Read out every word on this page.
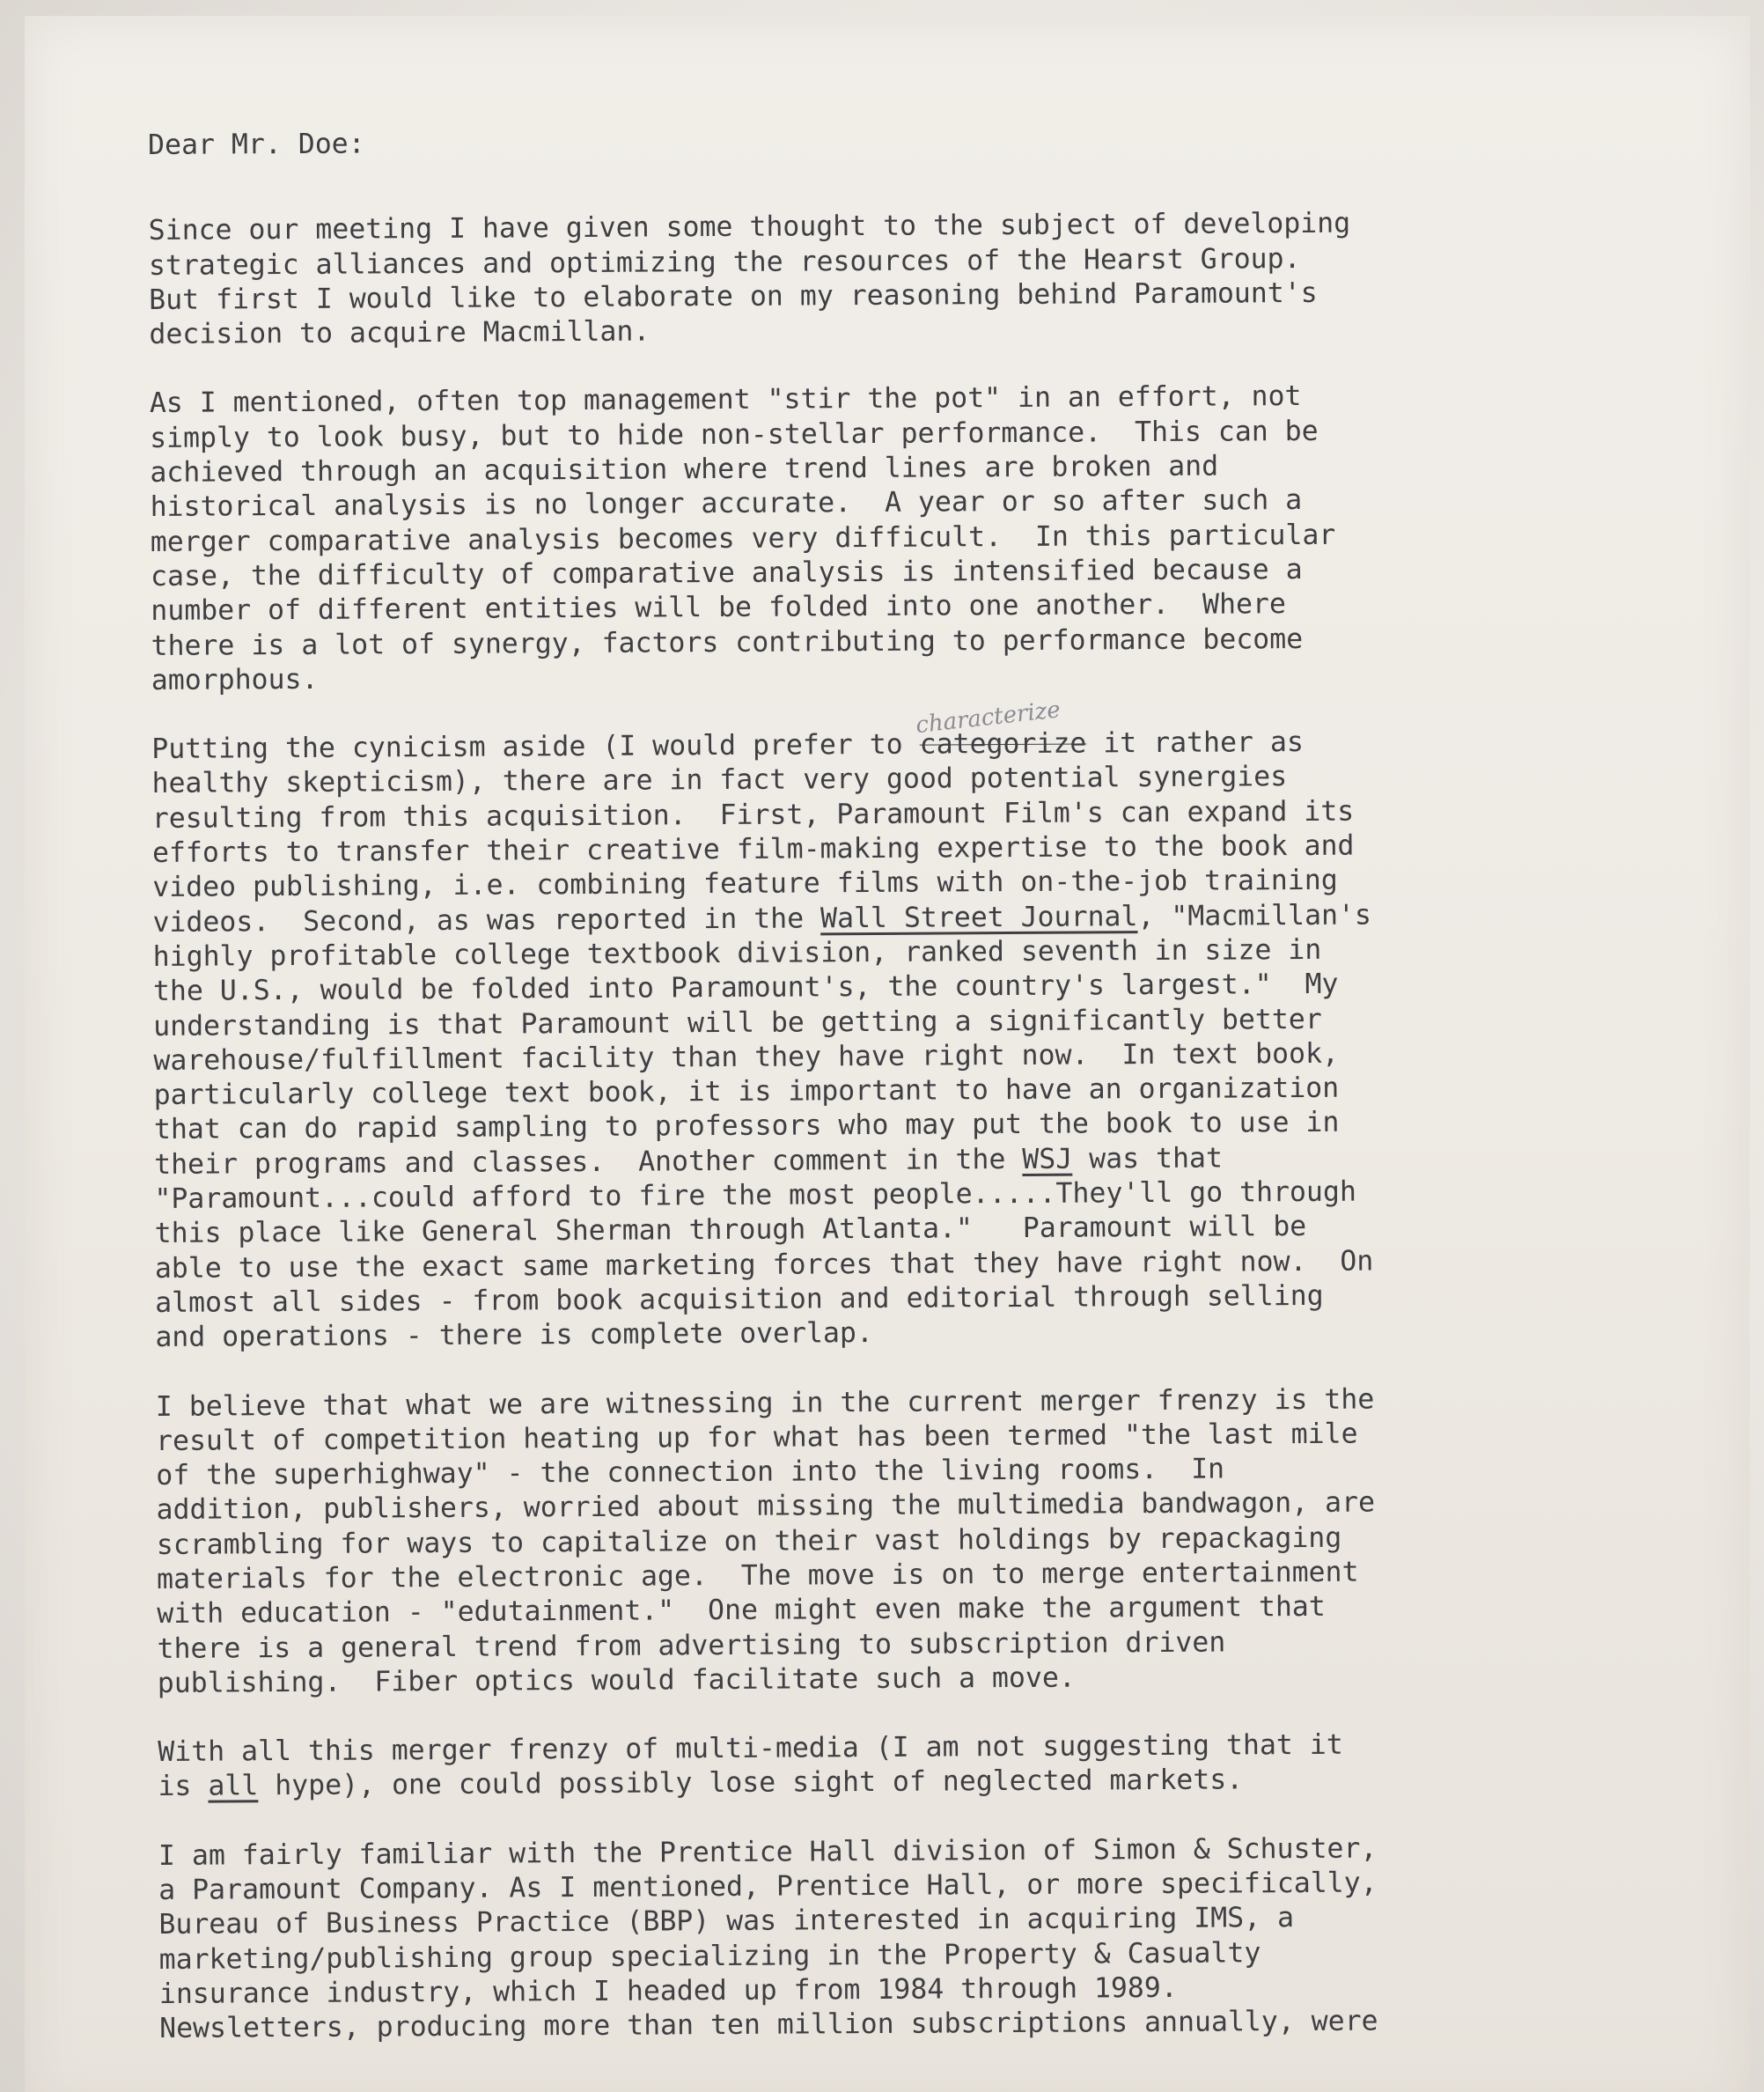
Dear Mr. Doe:
Since our meeting I have given some thought to the subject of developing
strategic alliances and optimizing the resources of the Hearst Group.
But first I would like to elaborate on my reasoning behind Paramount's
decision to acquire Macmillan.
As I mentioned, often top management "stir the pot" in an effort, not
simply to look busy, but to hide non-stellar performance.  This can be
achieved through an acquisition where trend lines are broken and
historical analysis is no longer accurate.  A year or so after such a
merger comparative analysis becomes very difficult.  In this particular
case, the difficulty of comparative analysis is intensified because a
number of different entities will be folded into one another.  Where
there is a lot of synergy, factors contributing to performance become
amorphous.
Putting the cynicism aside (I would prefer to
characterize
categorize it rather as
healthy skepticism), there are in fact very good potential synergies
resulting from this acquisition.  First, Paramount Film's can expand its
efforts to transfer their creative film-making expertise to the book and
video publishing, i.e. combining feature films with on-the-job training
videos.  Second, as was reported in the Wall Street Journal, "Macmillan's
highly profitable college textbook division, ranked seventh in size in
the U.S., would be folded into Paramount's, the country's largest."  My
understanding is that Paramount will be getting a significantly better
warehouse/fulfillment facility than they have right now.  In text book,
particularly college text book, it is important to have an organization
that can do rapid sampling to professors who may put the book to use in
their programs and classes.  Another comment in the WSJ was that
"Paramount...could afford to fire the most people.....They'll go through
this place like General Sherman through Atlanta."   Paramount will be
able to use the exact same marketing forces that they have right now.  On
almost all sides - from book acquisition and editorial through selling
and operations - there is complete overlap.
I believe that what we are witnessing in the current merger frenzy is the
result of competition heating up for what has been termed "the last mile
of the superhighway" - the connection into the living rooms.  In
addition, publishers, worried about missing the multimedia bandwagon, are
scrambling for ways to capitalize on their vast holdings by repackaging
materials for the electronic age.  The move is on to merge entertainment
with education - "edutainment."  One might even make the argument that
there is a general trend from advertising to subscription driven
publishing.  Fiber optics would facilitate such a move.
With all this merger frenzy of multi-media (I am not suggesting that it
is all hype), one could possibly lose sight of neglected markets.
I am fairly familiar with the Prentice Hall division of Simon & Schuster,
a Paramount Company. As I mentioned, Prentice Hall, or more specifically,
Bureau of Business Practice (BBP) was interested in acquiring IMS, a
marketing/publishing group specializing in the Property & Casualty
insurance industry, which I headed up from 1984 through 1989.
Newsletters, producing more than ten million subscriptions annually, were
